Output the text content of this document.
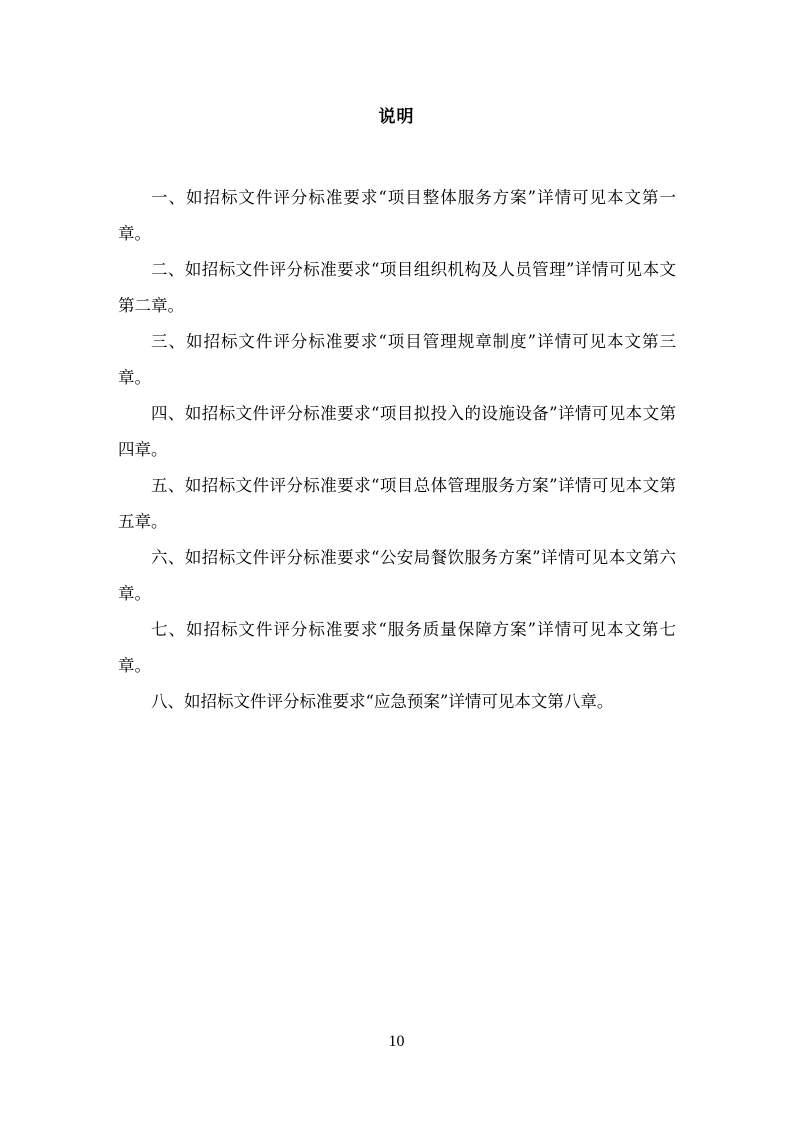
说明

一、如招标文件评分标准要求“项目整体服务方案”详情可见本文第一章。

二、如招标文件评分标准要求“项目组织机构及人员管理”详情可见本文第二章。

三、如招标文件评分标准要求“项目管理规章制度”详情可见本文第三章。

四、如招标文件评分标准要求“项目拟投入的设施设备”详情可见本文第四章。

五、如招标文件评分标准要求“项目总体管理服务方案”详情可见本文第五章。

六、如招标文件评分标准要求“公安局餐饮服务方案”详情可见本文第六章。

七、如招标文件评分标准要求“服务质量保障方案”详情可见本文第七章。

八、如招标文件评分标准要求“应急预案”详情可见本文第八章。

10
